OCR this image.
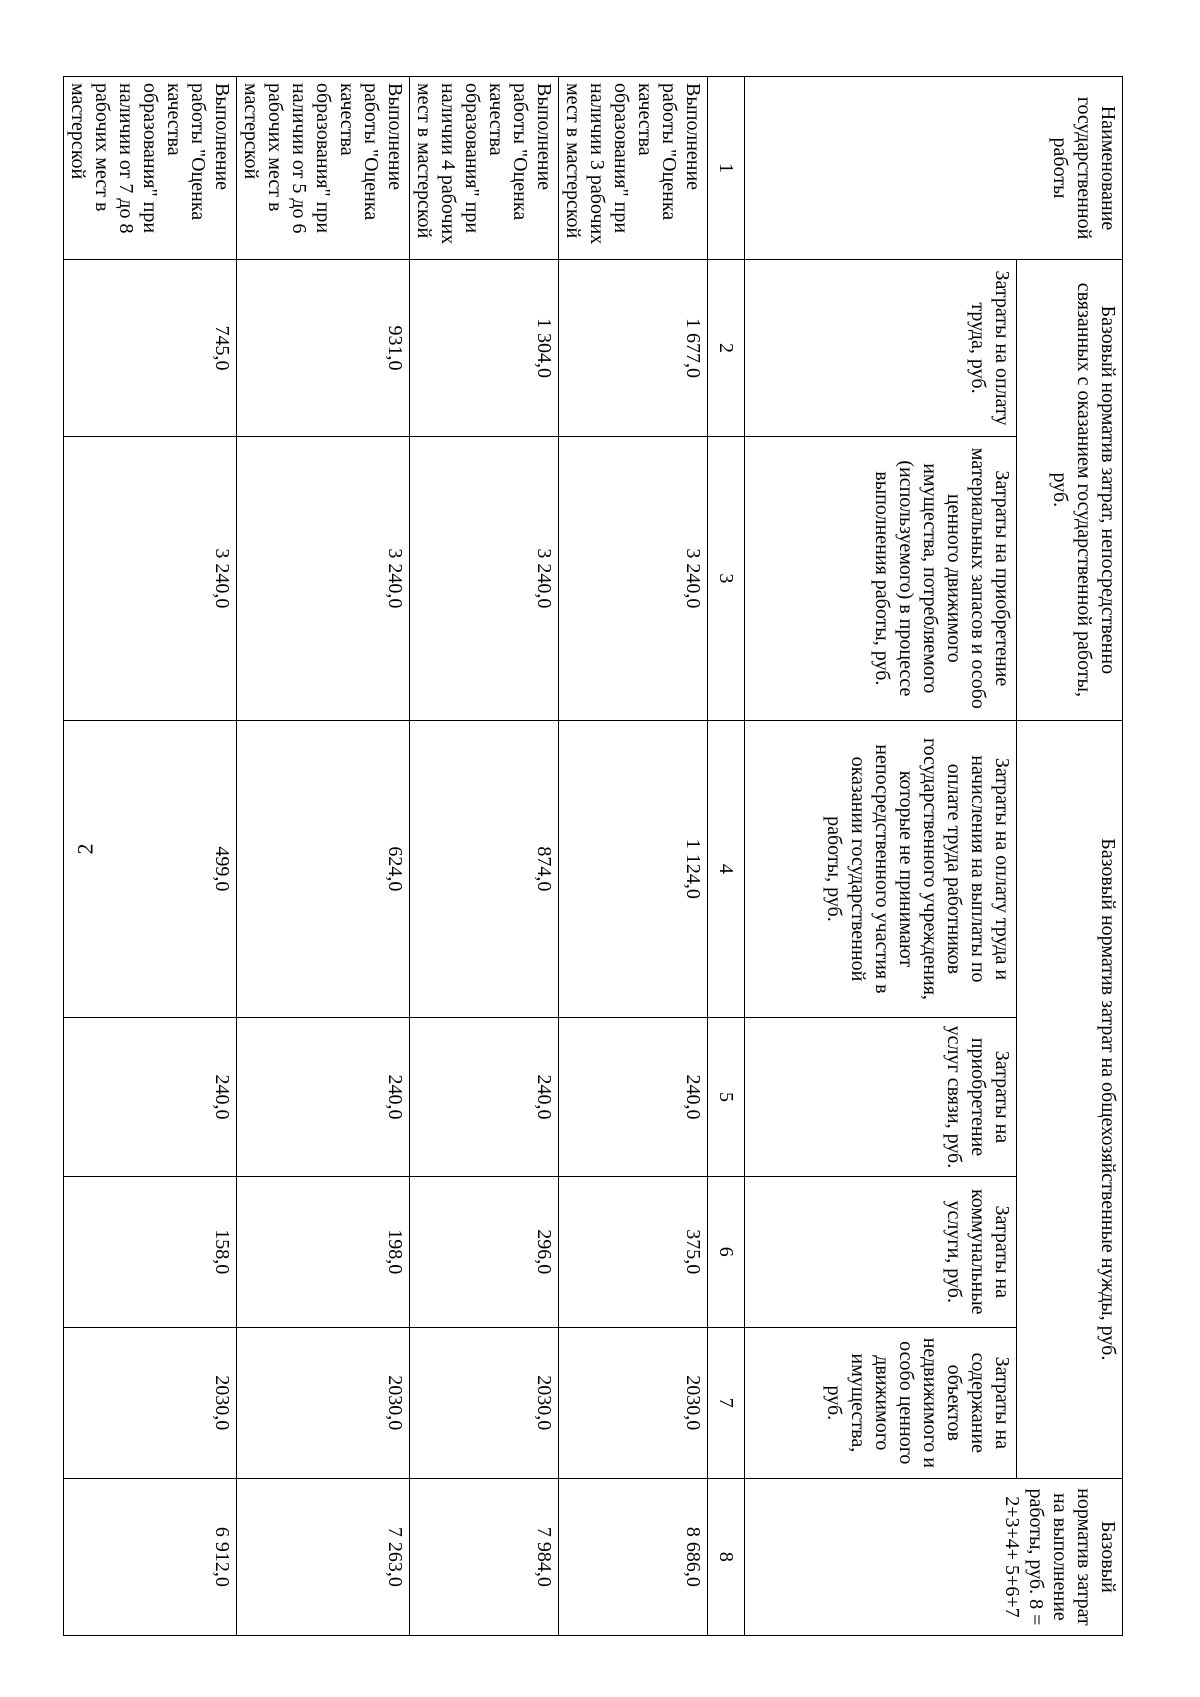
2
Наименование государственной работы	Базовый норматив затрат, непосредственно связанных с оказанием государственной работы, руб.		Базовый норматив затрат на общехозяйственные нужды, руб.				Базовый норматив затрат на выполнение работы, руб. 8 = 2+3+4+ 5+6+7
	Затраты на оплату труда, руб.	Затраты на приобретение материальных запасов и особо ценного движимого имущества, потребляемого (используемого) в процессе выполнения работы, руб.	Затраты на оплату труда и начисления на выплаты по оплате труда работников государственного учреждения, которые не принимают непосредственного участия в оказании государственной работы, руб.	Затраты на приобретение услуг связи, руб.	Затраты на коммунальные услуги, руб.	Затраты на содержание объектов недвижимого и особо ценного движимого имущества, руб.	
1	2	3	4	5	6	7	8
Выполнение работы "Оценка качества образования" при наличии 3 рабочих мест в мастерской	1 677,0	3 240,0	1 124,0	240,0	375,0	2030,0	8 686,0
Выполнение работы "Оценка качества образования" при наличии 4 рабочих мест в мастерской	1 304,0	3 240,0	874,0	240,0	296,0	2030,0	7 984,0
Выполнение работы "Оценка качества образования" при наличии от 5 до 6 рабочих мест в мастерской	931,0	3 240,0	624,0	240,0	198,0	2030,0	7 263,0
Выполнение работы "Оценка качества образования" при наличии от 7 до 8 рабочих мест в мастерской	745,0	3 240,0	499,0	240,0	158,0	2030,0	6 912,0
